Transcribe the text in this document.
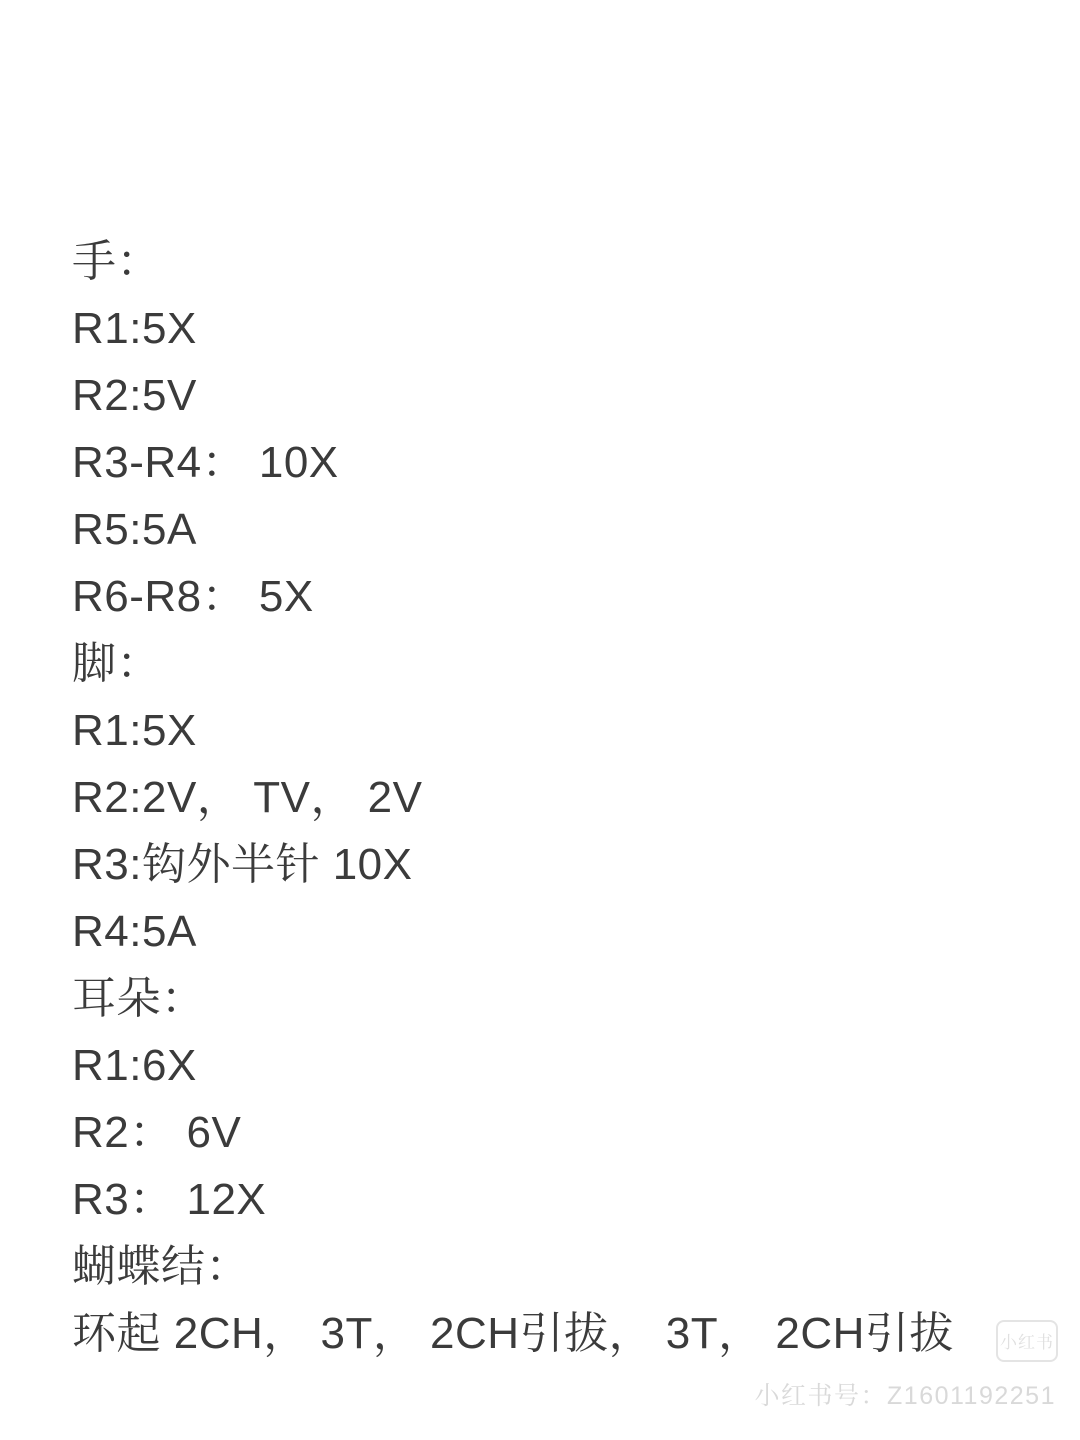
手：
R1:5X
R2:5V
R3-R4： 10X
R5:5A
R6-R8： 5X
脚：
R1:5X
R2:2V， TV， 2V
R3:钩外半针 10X
R4:5A
耳朵：
R1:6X
R2： 6V
R3： 12X
蝴蝶结：
环起 2CH， 3T， 2CH引拔， 3T， 2CH引拔	小红书
小红书号：Z1601192251
